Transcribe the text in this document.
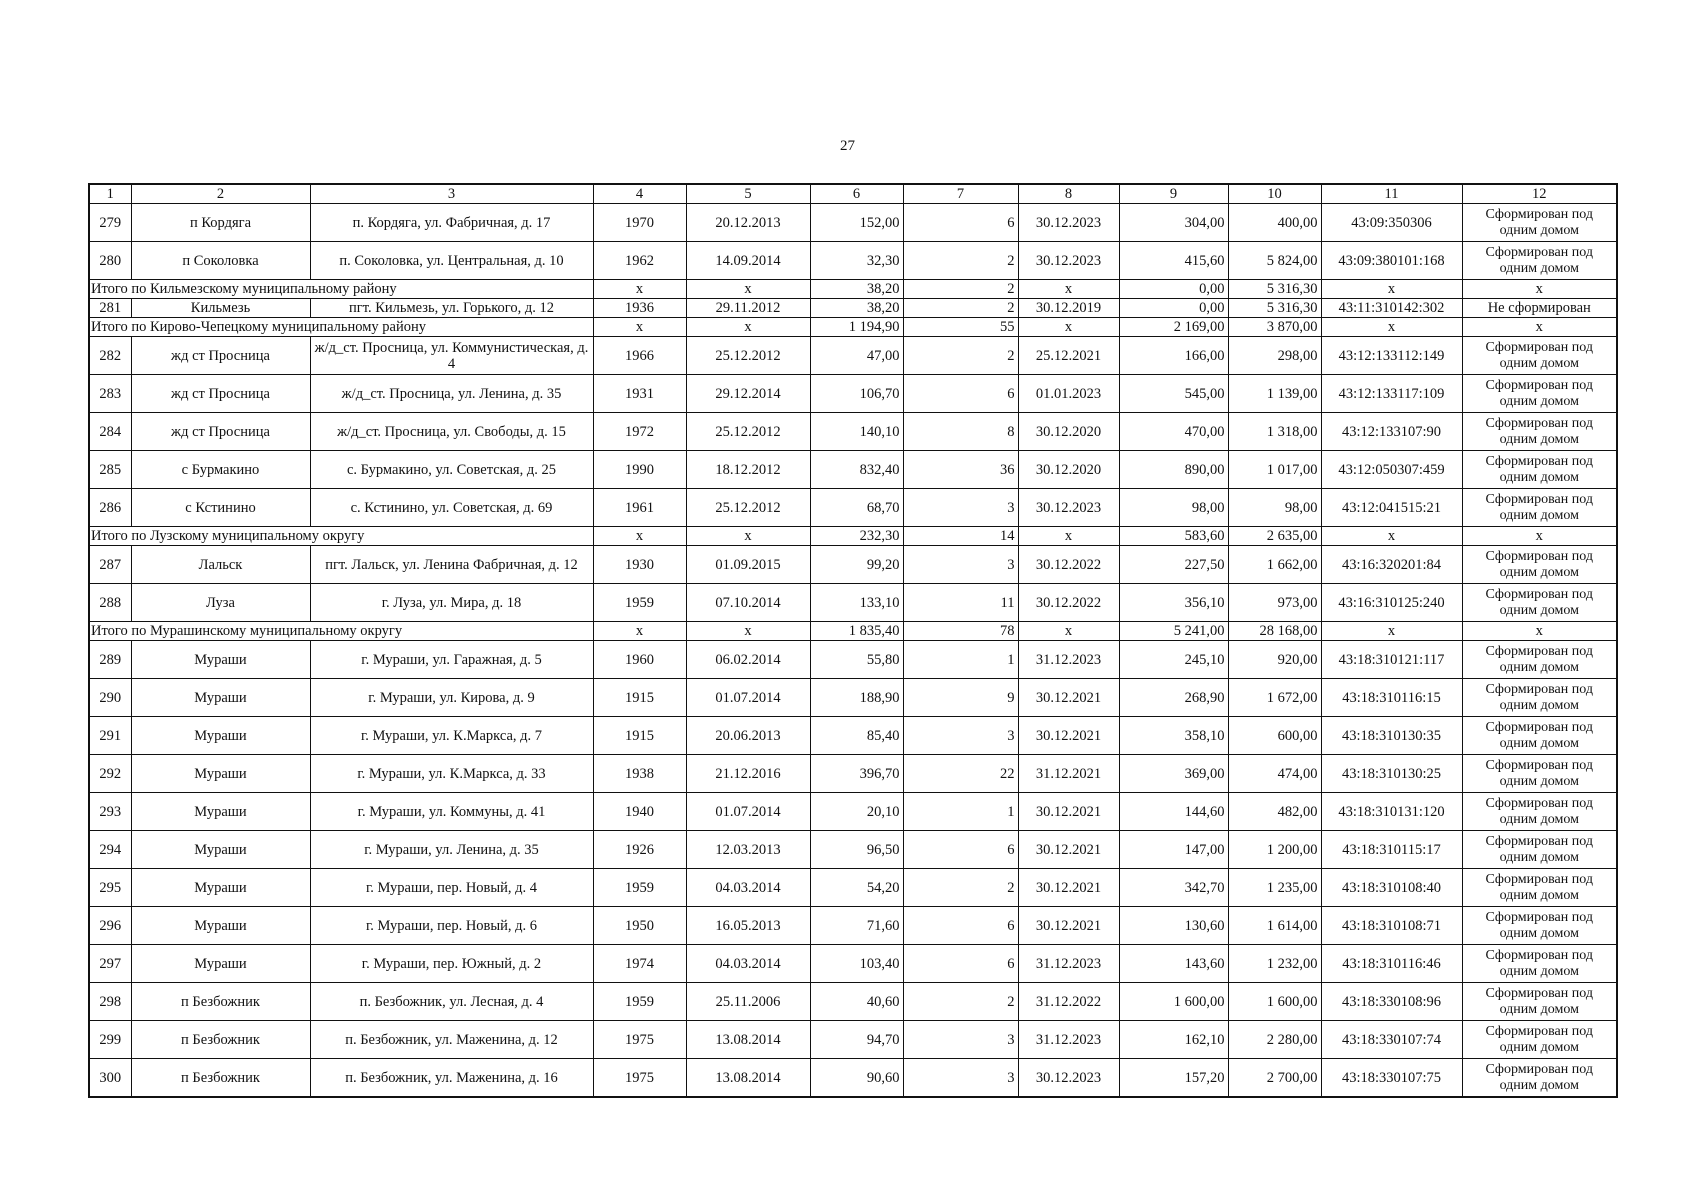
27
1	2	3	4	5	6	7	8	9	10	11	12
279	п Кордяга	п. Кордяга, ул. Фабричная, д. 17	1970	20.12.2013	152,00	6	30.12.2023	304,00	400,00	43:09:350306	Сформирован под одним домом
280	п Соколовка	п. Соколовка, ул. Центральная, д. 10	1962	14.09.2014	32,30	2	30.12.2023	415,60	5 824,00	43:09:380101:168	Сформирован под одним домом
Итого по Кильмезскому муниципальному району			x	x	38,20	2	x	0,00	5 316,30	x	x
281	Кильмезь	пгт. Кильмезь, ул. Горького, д. 12	1936	29.11.2012	38,20	2	30.12.2019	0,00	5 316,30	43:11:310142:302	Не сформирован
Итого по Кирово-Чепецкому муниципальному району			x	x	1 194,90	55	x	2 169,00	3 870,00	x	x
282	жд ст Просница	ж/д_ст. Просница, ул. Коммунистическая, д. 4	1966	25.12.2012	47,00	2	25.12.2021	166,00	298,00	43:12:133112:149	Сформирован под одним домом
283	жд ст Просница	ж/д_ст. Просница, ул. Ленина, д. 35	1931	29.12.2014	106,70	6	01.01.2023	545,00	1 139,00	43:12:133117:109	Сформирован под одним домом
284	жд ст Просница	ж/д_ст. Просница, ул. Свободы, д. 15	1972	25.12.2012	140,10	8	30.12.2020	470,00	1 318,00	43:12:133107:90	Сформирован под одним домом
285	с Бурмакино	с. Бурмакино, ул. Советская, д. 25	1990	18.12.2012	832,40	36	30.12.2020	890,00	1 017,00	43:12:050307:459	Сформирован под одним домом
286	с Кстинино	с. Кстинино, ул. Советская, д. 69	1961	25.12.2012	68,70	3	30.12.2023	98,00	98,00	43:12:041515:21	Сформирован под одним домом
Итого по Лузскому муниципальному округу			x	x	232,30	14	x	583,60	2 635,00	x	x
287	Лальск	пгт. Лальск, ул. Ленина Фабричная, д. 12	1930	01.09.2015	99,20	3	30.12.2022	227,50	1 662,00	43:16:320201:84	Сформирован под одним домом
288	Луза	г. Луза, ул. Мира, д. 18	1959	07.10.2014	133,10	11	30.12.2022	356,10	973,00	43:16:310125:240	Сформирован под одним домом
Итого по Мурашинскому муниципальному округу			x	x	1 835,40	78	x	5 241,00	28 168,00	x	x
289	Мураши	г. Мураши, ул. Гаражная, д. 5	1960	06.02.2014	55,80	1	31.12.2023	245,10	920,00	43:18:310121:117	Сформирован под одним домом
290	Мураши	г. Мураши, ул. Кирова, д. 9	1915	01.07.2014	188,90	9	30.12.2021	268,90	1 672,00	43:18:310116:15	Сформирован под одним домом
291	Мураши	г. Мураши, ул. К.Маркса, д. 7	1915	20.06.2013	85,40	3	30.12.2021	358,10	600,00	43:18:310130:35	Сформирован под одним домом
292	Мураши	г. Мураши, ул. К.Маркса, д. 33	1938	21.12.2016	396,70	22	31.12.2021	369,00	474,00	43:18:310130:25	Сформирован под одним домом
293	Мураши	г. Мураши, ул. Коммуны, д. 41	1940	01.07.2014	20,10	1	30.12.2021	144,60	482,00	43:18:310131:120	Сформирован под одним домом
294	Мураши	г. Мураши, ул. Ленина, д. 35	1926	12.03.2013	96,50	6	30.12.2021	147,00	1 200,00	43:18:310115:17	Сформирован под одним домом
295	Мураши	г. Мураши, пер. Новый, д. 4	1959	04.03.2014	54,20	2	30.12.2021	342,70	1 235,00	43:18:310108:40	Сформирован под одним домом
296	Мураши	г. Мураши, пер. Новый, д. 6	1950	16.05.2013	71,60	6	30.12.2021	130,60	1 614,00	43:18:310108:71	Сформирован под одним домом
297	Мураши	г. Мураши, пер. Южный, д. 2	1974	04.03.2014	103,40	6	31.12.2023	143,60	1 232,00	43:18:310116:46	Сформирован под одним домом
298	п Безбожник	п. Безбожник, ул. Лесная, д. 4	1959	25.11.2006	40,60	2	31.12.2022	1 600,00	1 600,00	43:18:330108:96	Сформирован под одним домом
299	п Безбожник	п. Безбожник, ул. Маженина, д. 12	1975	13.08.2014	94,70	3	31.12.2023	162,10	2 280,00	43:18:330107:74	Сформирован под одним домом
300	п Безбожник	п. Безбожник, ул. Маженина, д. 16	1975	13.08.2014	90,60	3	30.12.2023	157,20	2 700,00	43:18:330107:75	Сформирован под одним домом
